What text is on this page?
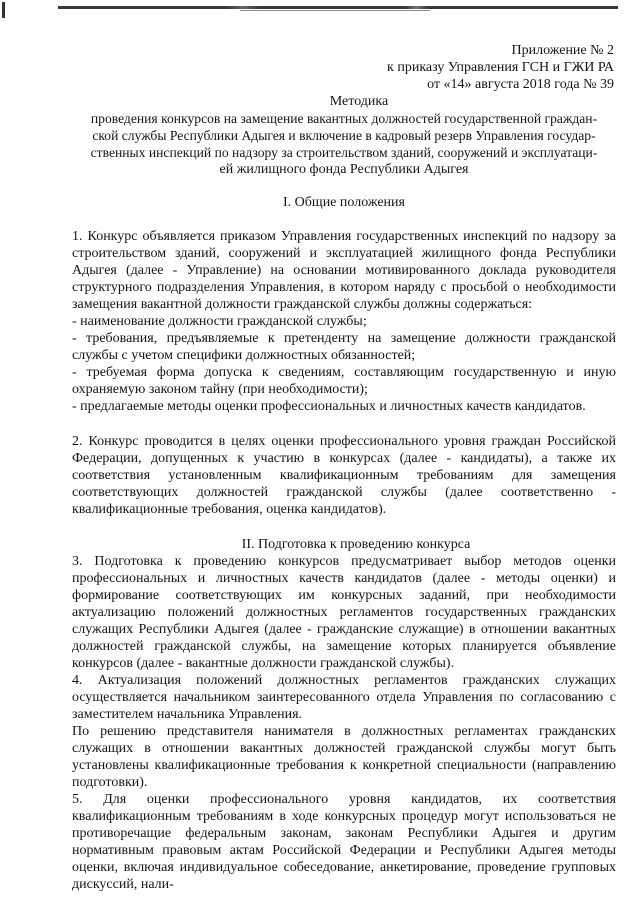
Приложение № 2
к приказу Управления ГСН и ГЖИ РА
от «14» августа 2018 года № 39
Методика
проведения конкурсов на замещение вакантных должностей государственной граждан-
ской службы Республики Адыгея и включение в кадровый резерв Управления государ-
ственных инспекций по надзору за строительством зданий, сооружений и эксплуатаци-
ей жилищного фонда Республики Адыгея
I. Общие положения

1. Конкурс объявляется приказом Управления государственных инспекций по надзору за строительством зданий, сооружений и эксплуатацией жилищного фонда Республики Адыгея (далее - Управление) на основании мотивированного доклада руководителя структурного подразделения Управления, в котором наряду с просьбой о необходимости замещения вакантной должности гражданской службы должны содержаться:

- наименование должности гражданской службы;

- требования, предъявляемые к претенденту на замещение должности гражданской службы с учетом специфики должностных обязанностей;

- требуемая форма допуска к сведениям, составляющим государственную и иную охраняемую законом тайну (при необходимости);

- предлагаемые методы оценки профессиональных и личностных качеств кандидатов.

2. Конкурс проводится в целях оценки профессионального уровня граждан Российской Федерации, допущенных к участию в конкурсах (далее - кандидаты), а также их соответствия установленным квалификационным требованиям для замещения соответствующих должностей гражданской службы (далее соответственно - квалификационные требования, оценка кандидатов).

II. Подготовка к проведению конкурса

3. Подготовка к проведению конкурсов предусматривает выбор методов оценки профессиональных и личностных качеств кандидатов (далее - методы оценки) и формирование соответствующих им конкурсных заданий, при необходимости актуализацию положений должностных регламентов государственных гражданских служащих Республики Адыгея (далее - гражданские служащие) в отношении вакантных должностей гражданской службы, на замещение которых планируется объявление конкурсов (далее - вакантные должности гражданской службы).

4. Актуализация положений должностных регламентов гражданских служащих осуществляется начальником заинтересованного отдела Управления по согласованию с заместителем начальника Управления.

По решению представителя нанимателя в должностных регламентах гражданских служащих в отношении вакантных должностей гражданской службы могут быть установлены квалификационные требования к конкретной специальности (направлению подготовки).

5. Для оценки профессионального уровня кандидатов, их соответствия квалификационным требованиям в ходе конкурсных процедур могут использоваться не противоречащие федеральным законам, законам Республики Адыгея и другим нормативным правовым актам Российской Федерации и Республики Адыгея методы оценки, включая индивидуальное собеседование, анкетирование, проведение групповых дискуссий, нали-
